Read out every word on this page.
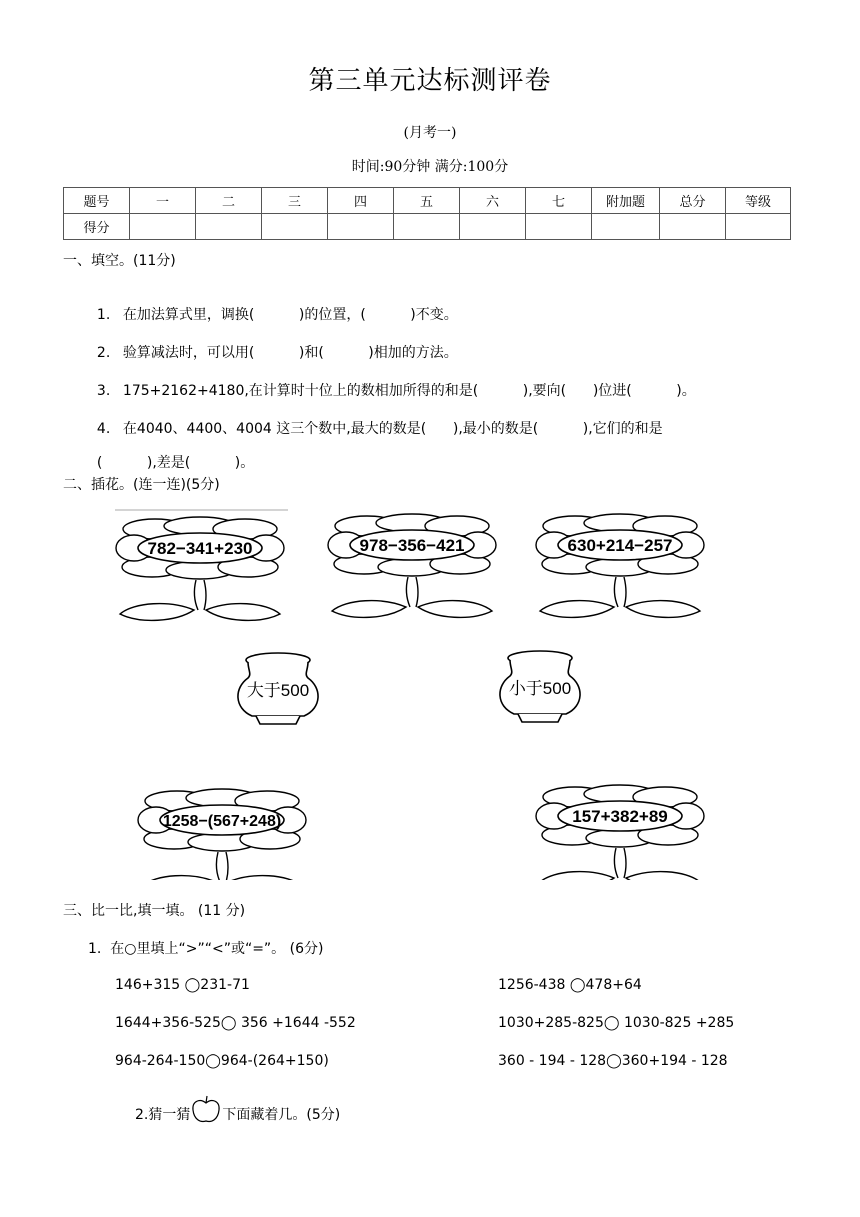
第三单元达标测评卷
(月考一)
时间:90分钟 满分:100分
题号	一	二	三	四	五	六	七	附加题	总分	等级
得分										
一、填空。(11分)

1. 在加法算式里，调换(          )的位置，(          )不变。

2. 验算减法时，可以用(          )和(          )相加的方法。

3. 175+2162+4180,在计算时十位上的数相加所得的和是(          ),要向(      )位进(          )。

4. 在4040、4400、4004 这三个数中,最大的数是(      ),最小的数是(          ),它们的和是

(          ),差是(          )。

二、插花。(连一连)(5分)
782−341+230	978−356−421	630+214−257
大于500	小于500
1258−(567+248)	157+382+89
三、比一比,填一填。 (11 分)
1.  在○里填上“>”“<”或“=”。 (6分)
146+315 ◯231-71	1256-438 ◯478+64
1644+356-525◯ 356 +1644 -552	1030+285-825◯ 1030-825 +285
964-264-150◯964-(264+150)	360 - 194 - 128◯360+194 - 128
2.猜一猜 下面藏着几。(5分)
